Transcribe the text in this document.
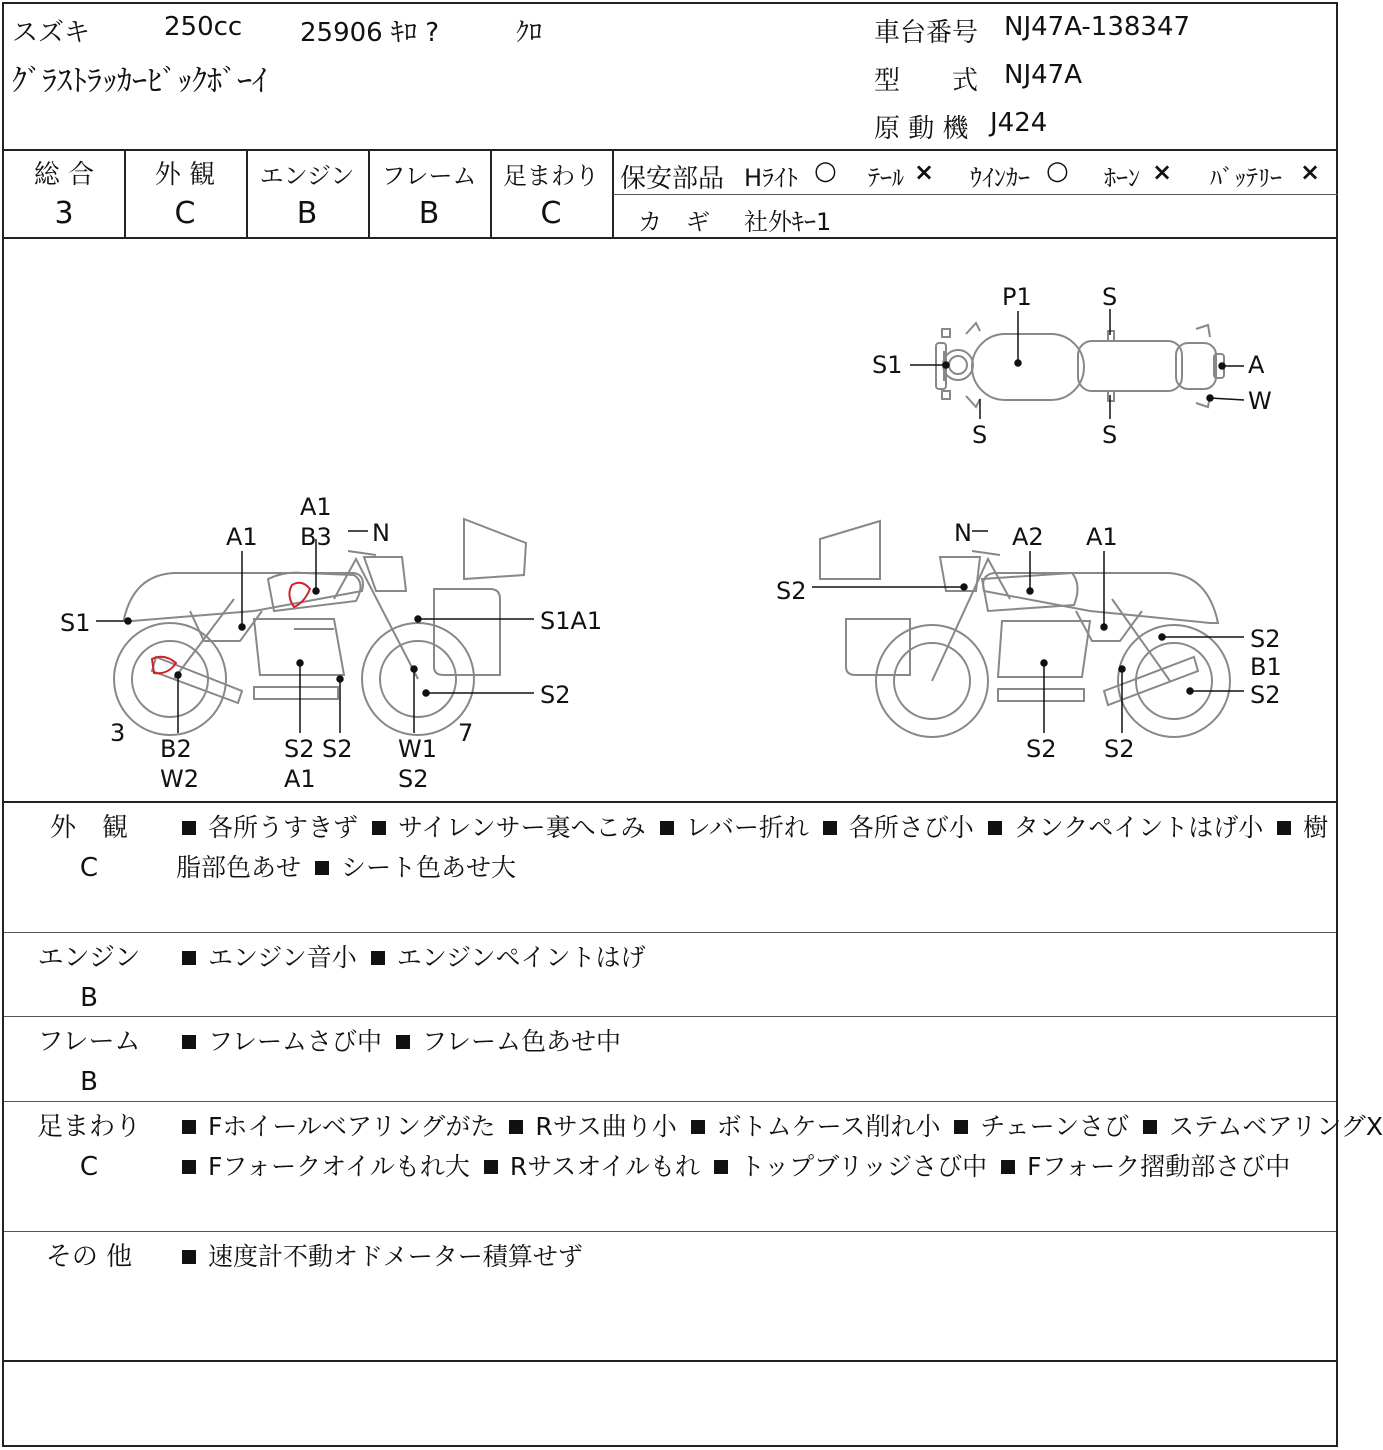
スズキ	250cc 25906 ｷﾛ ?	ｸﾛ
ｸﾞﾗｽﾄﾗｯｶｰﾋﾞｯｸﾎﾞｰｲ
車台番号 NJ47A-138347
型　　式 NJ47A
原 動 機 J424
総 合
3
外 観
C
エンジン
B
フレーム
B
足まわり
C
保安部品 Hﾗｲﾄ ○ ﾃｰﾙ × ｳｲﾝｶｰ ○ ﾎｰﾝ × ﾊﾞｯﾃﾘｰ ×
カ　ギ 社外ｷｰ1
P1	S
S1	A
W
S	S
A1
B3 N
A1
S1	S1A1
S2
3	7
B2
W2
S2
A1
S2 W1
S2
N A2 A1
S2
S2
B1
S2
S2 S2
外　観
C
各所うすきず サイレンサー裏へこみ レバー折れ 各所さび小 タンクペイントはげ小 樹脂部色あせ シート色あせ大
エンジン
B
エンジン音小 エンジンペイントはげ
フレーム
B
フレームさび中 フレーム色あせ中
足まわり
C
Fホイールベアリングがた Rサス曲り小 ボトムケース削れ小 チェーンさび ステムベアリングX
Fフォークオイルもれ大 Rサスオイルもれ トップブリッジさび中 Fフォーク摺動部さび中
その 他	速度計不動オドメーター積算せず
